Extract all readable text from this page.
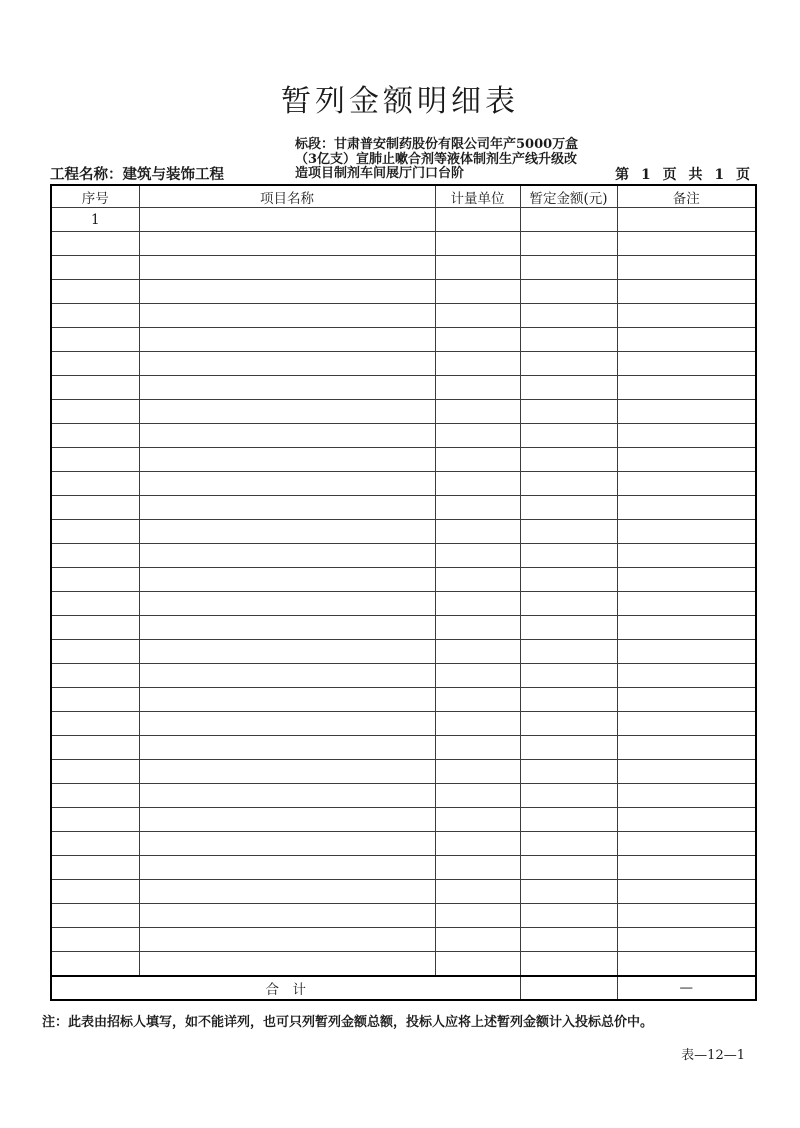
暂列金额明细表
工程名称：建筑与装饰工程
标段：甘肃普安制药股份有限公司年产5000万盒
（3亿支）宣肺止嗽合剂等液体制剂生产线升级改
造项目制剂车间展厅门口台阶	第 1 页 共 1 页
序号	项目名称	计量单位	暂定金额(元)	备注
1				

合　计				—
注：此表由招标人填写，如不能详列，也可只列暂列金额总额，投标人应将上述暂列金额计入投标总价中。
表—12—1
